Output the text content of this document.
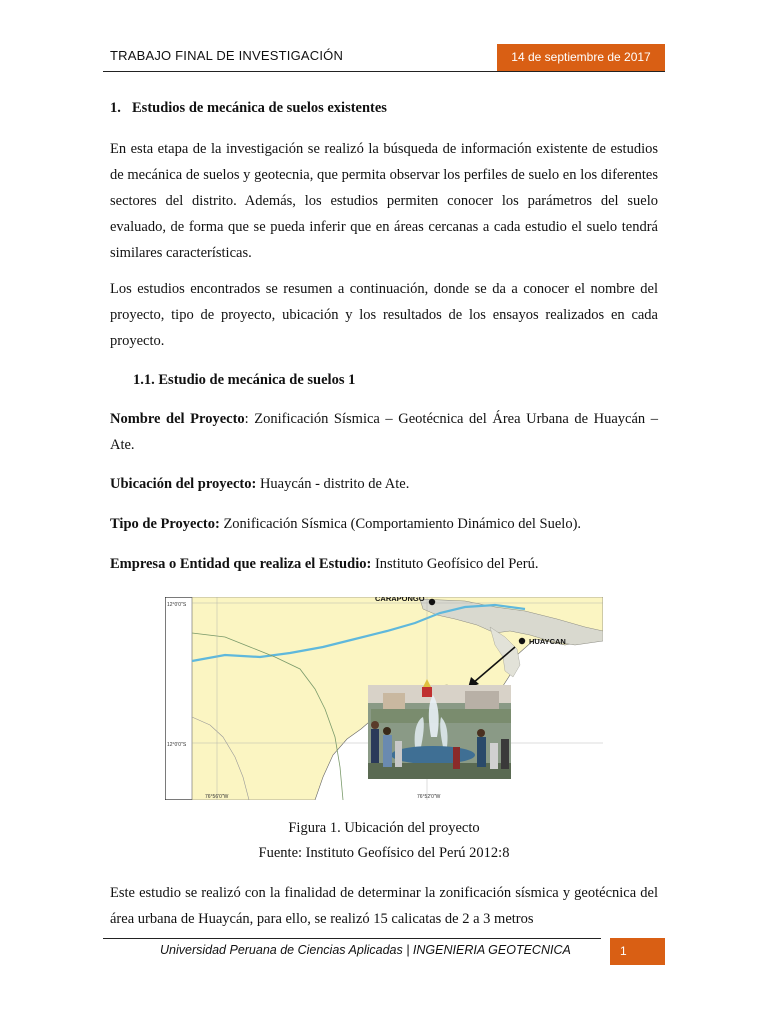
TRABAJO FINAL DE INVESTIGACIÓN	14 de septiembre de 2017
1. Estudios de mecánica de suelos existentes

En esta etapa de la investigación se realizó la búsqueda de información existente de estudios de mecánica de suelos y geotecnia, que permita observar los perfiles de suelo en los diferentes sectores del distrito. Además, los estudios permiten conocer los parámetros del suelo evaluado, de forma que se pueda inferir que en áreas cercanas a cada estudio el suelo tendrá similares características.

Los estudios encontrados se resumen a continuación, donde se da a conocer el nombre del proyecto, tipo de proyecto, ubicación y los resultados de los ensayos realizados en cada proyecto.

1.1. Estudio de mecánica de suelos 1

Nombre del Proyecto: Zonificación Sísmica – Geotécnica del Área Urbana de Huaycán – Ate.

Ubicación del proyecto: Huaycán - distrito de Ate.

Tipo de Proyecto: Zonificación Sísmica (Comportamiento Dinámico del Suelo).

Empresa o Entidad que realiza el Estudio: Instituto Geofísico del Perú.

12°0'0"S
12°0'0"S
76°56'0"W	76°52'0"W
CARAPONGO
HUAYCAN
Figura 1. Ubicación del proyecto
Fuente: Instituto Geofísico del Perú 2012:8

Este estudio se realizó con la finalidad de determinar la zonificación sísmica y geotécnica del área urbana de Huaycán, para ello, se realizó 15 calicatas de 2 a 3 metros

Universidad Peruana de Ciencias Aplicadas | INGENIERIA GEOTECNICA	1
